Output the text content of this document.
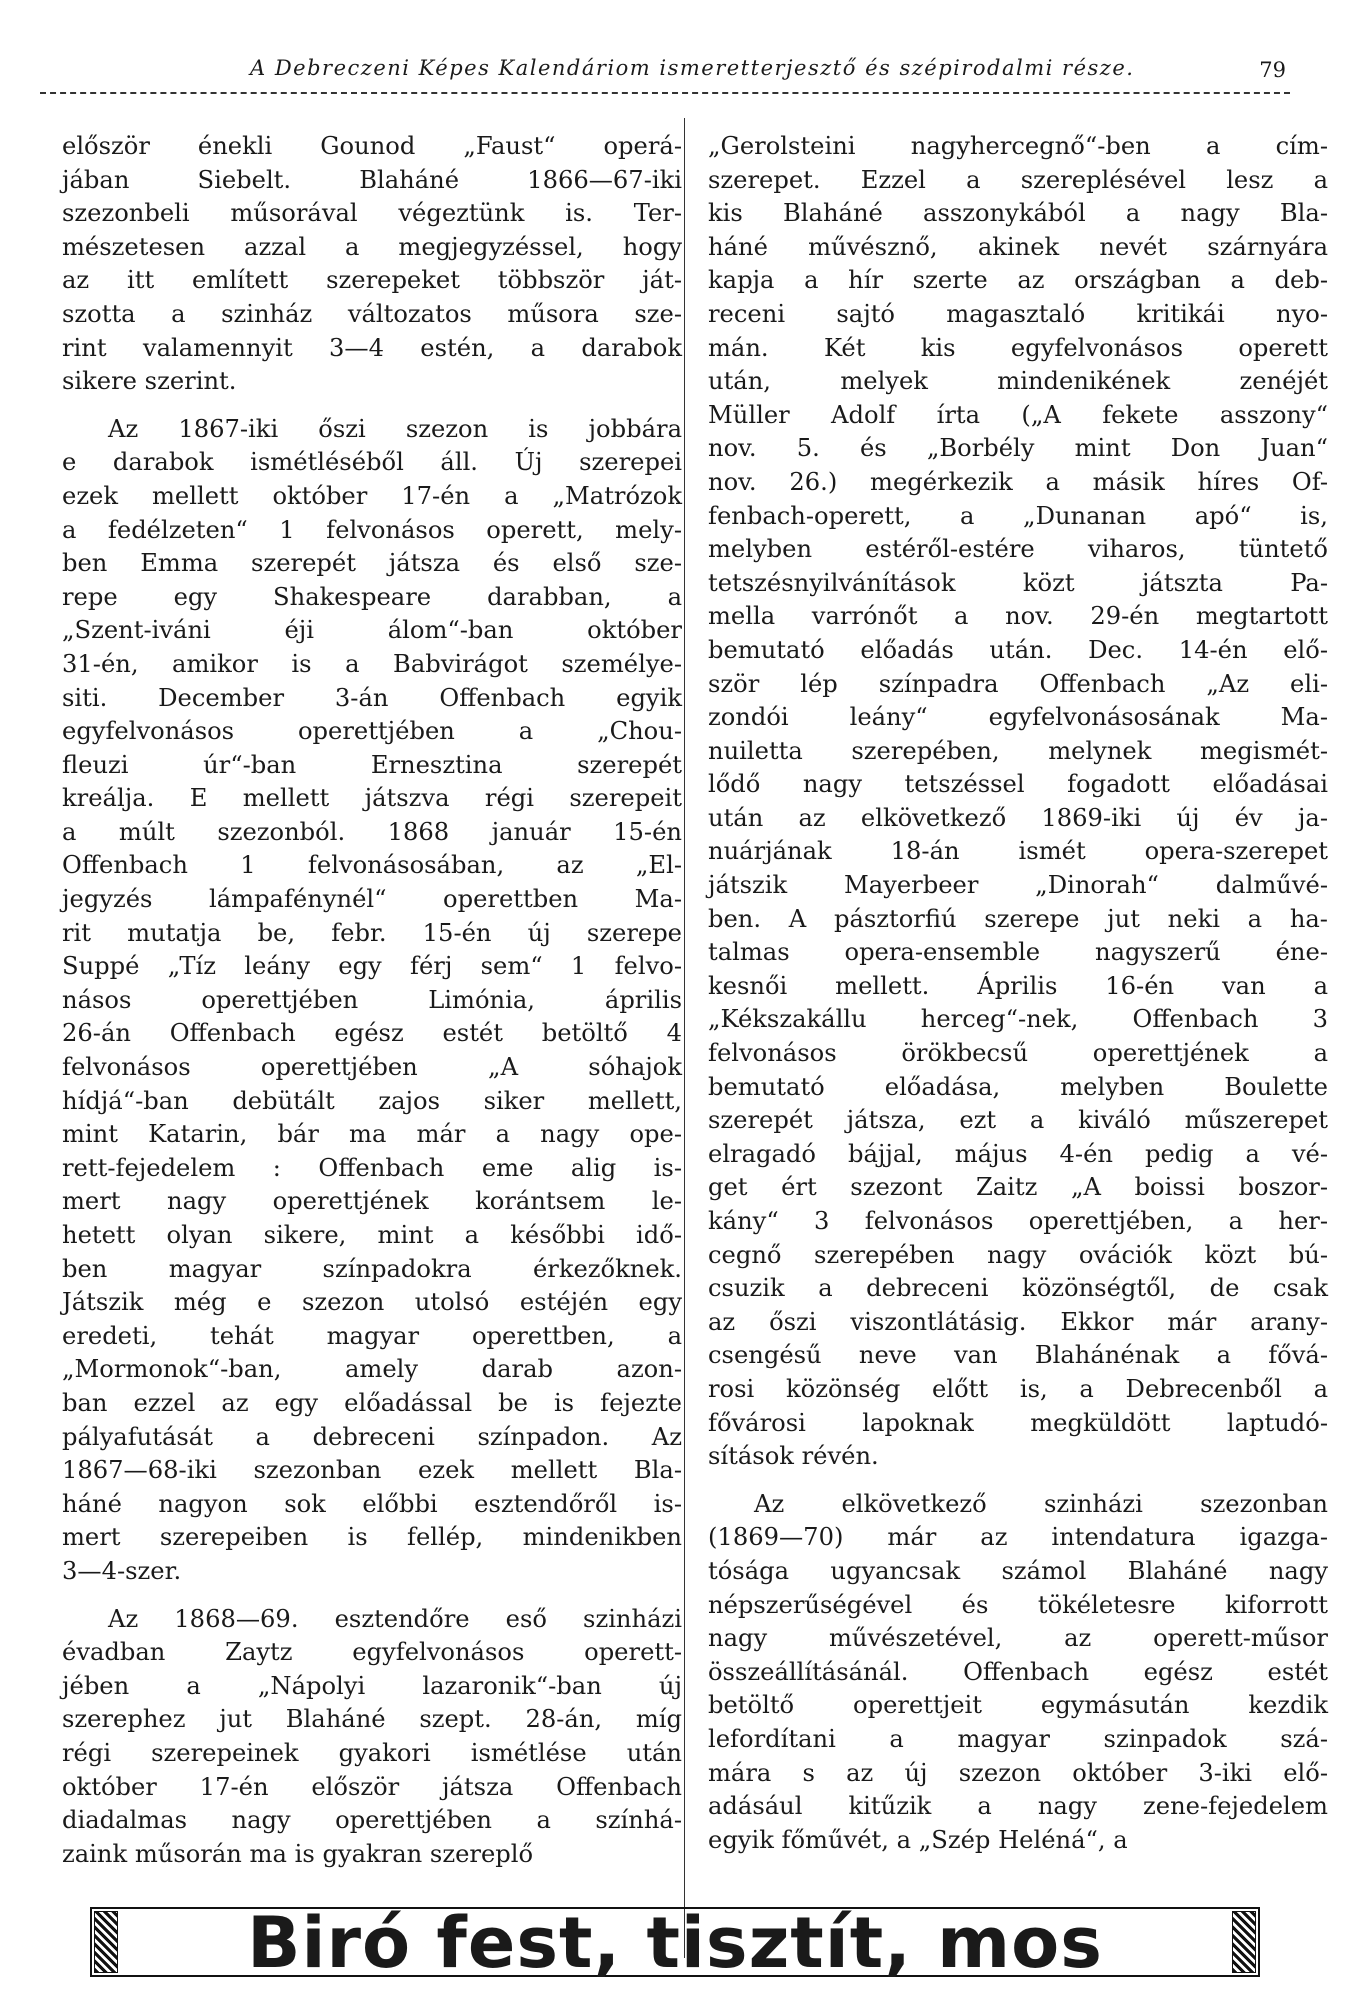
A Debreczeni Képes Kalendáriom ismeretterjesztő és szépirodalmi része.	79

először énekli Gounod „Faust“ operá-

jában Siebelt. Blaháné 1866—67-iki

szezonbeli műsorával végeztünk is. Ter-

mészetesen azzal a megjegyzéssel, hogy

az itt említett szerepeket többször ját-

szotta a szinház változatos műsora sze-

rint valamennyit 3—4 estén, a darabok

sikere szerint.

Az 1867-iki őszi szezon is jobbára

e darabok ismétléséből áll. Új szerepei

ezek mellett október 17-én a „Matrózok

a fedélzeten“ 1 felvonásos operett, mely-

ben Emma szerepét játsza és első sze-

repe egy Shakespeare darabban, a

„Szent-iváni éji álom“-ban október

31-én, amikor is a Babvirágot személye-

siti. December 3-án Offenbach egyik

egyfelvonásos operettjében a „Chou-

fleuzi úr“-ban Ernesztina szerepét

kreálja. E mellett játszva régi szerepeit

a múlt szezonból. 1868 január 15-én

Offenbach 1 felvonásosában, az „El-

jegyzés lámpafénynél“ operettben Ma-

rit mutatja be, febr. 15-én új szerepe

Suppé „Tíz leány egy férj sem“ 1 felvo-

násos operettjében Limónia, április

26-án Offenbach egész estét betöltő 4

felvonásos operettjében „A sóhajok

hídjá“-ban debütált zajos siker mellett,

mint Katarin, bár ma már a nagy ope-

rett-fejedelem : Offenbach eme alig is-

mert nagy operettjének korántsem le-

hetett olyan sikere, mint a későbbi idő-

ben magyar színpadokra érkezőknek.

Játszik még e szezon utolsó estéjén egy

eredeti, tehát magyar operettben, a

„Mormonok“-ban, amely darab azon-

ban ezzel az egy előadással be is fejezte

pályafutását a debreceni színpadon. Az

1867—68-iki szezonban ezek mellett Bla-

háné nagyon sok előbbi esztendőről is-

mert szerepeiben is fellép, mindenikben

3—4-szer.

Az 1868—69. esztendőre eső szinházi

évadban Zaytz egyfelvonásos operett-

jében a „Nápolyi lazaronik“-ban új

szerephez jut Blaháné szept. 28-án, míg

régi szerepeinek gyakori ismétlése után

október 17-én először játsza Offenbach

diadalmas nagy operettjében a színhá-

zaink műsorán ma is gyakran szereplő

„Gerolsteini nagyhercegnő“-ben a cím-

szerepet. Ezzel a szereplésével lesz a

kis Blaháné asszonykából a nagy Bla-

háné művésznő, akinek nevét szárnyára

kapja a hír szerte az országban a deb-

receni sajtó magasztaló kritikái nyo-

mán. Két kis egyfelvonásos operett

után, melyek mindenikének zenéjét

Müller Adolf írta („A fekete asszony“

nov. 5. és „Borbély mint Don Juan“

nov. 26.) megérkezik a másik híres Of-

fenbach-operett, a „Dunanan apó“ is,

melyben estéről-estére viharos, tüntető

tetszésnyilvánítások közt játszta Pa-

mella varrónőt a nov. 29-én megtartott

bemutató előadás után. Dec. 14-én elő-

ször lép színpadra Offenbach „Az eli-

zondói leány“ egyfelvonásosának Ma-

nuiletta szerepében, melynek megismét-

lődő nagy tetszéssel fogadott előadásai

után az elkövetkező 1869-iki új év ja-

nuárjának 18-án ismét opera-szerepet

játszik Mayerbeer „Dinorah“ dalművé-

ben. A pásztorfiú szerepe jut neki a ha-

talmas opera-ensemble nagyszerű éne-

kesnői mellett. Április 16-én van a

„Kékszakállu herceg“-nek, Offenbach 3

felvonásos örökbecsű operettjének a

bemutató előadása, melyben Boulette

szerepét játsza, ezt a kiváló műszerepet

elragadó bájjal, május 4-én pedig a vé-

get ért szezont Zaitz „A boissi boszor-

kány“ 3 felvonásos operettjében, a her-

cegnő szerepében nagy ovációk közt bú-

csuzik a debreceni közönségtől, de csak

az őszi viszontlátásig. Ekkor már arany-

csengésű neve van Blahánénak a fővá-

rosi közönség előtt is, a Debrecenből a

fővárosi lapoknak megküldött laptudó-

sítások révén.

Az elkövetkező szinházi szezonban

(1869—70) már az intendatura igazga-

tósága ugyancsak számol Blaháné nagy

népszerűségével és tökéletesre kiforrott

nagy művészetével, az operett-műsor

összeállításánál. Offenbach egész estét

betöltő operettjeit egymásután kezdik

lefordítani a magyar szinpadok szá-

mára s az új szezon október 3-iki elő-

adásául kitűzik a nagy zene-fejedelem

egyik főművét, a „Szép Heléná“, a

Biró fest, tisztít, mos
